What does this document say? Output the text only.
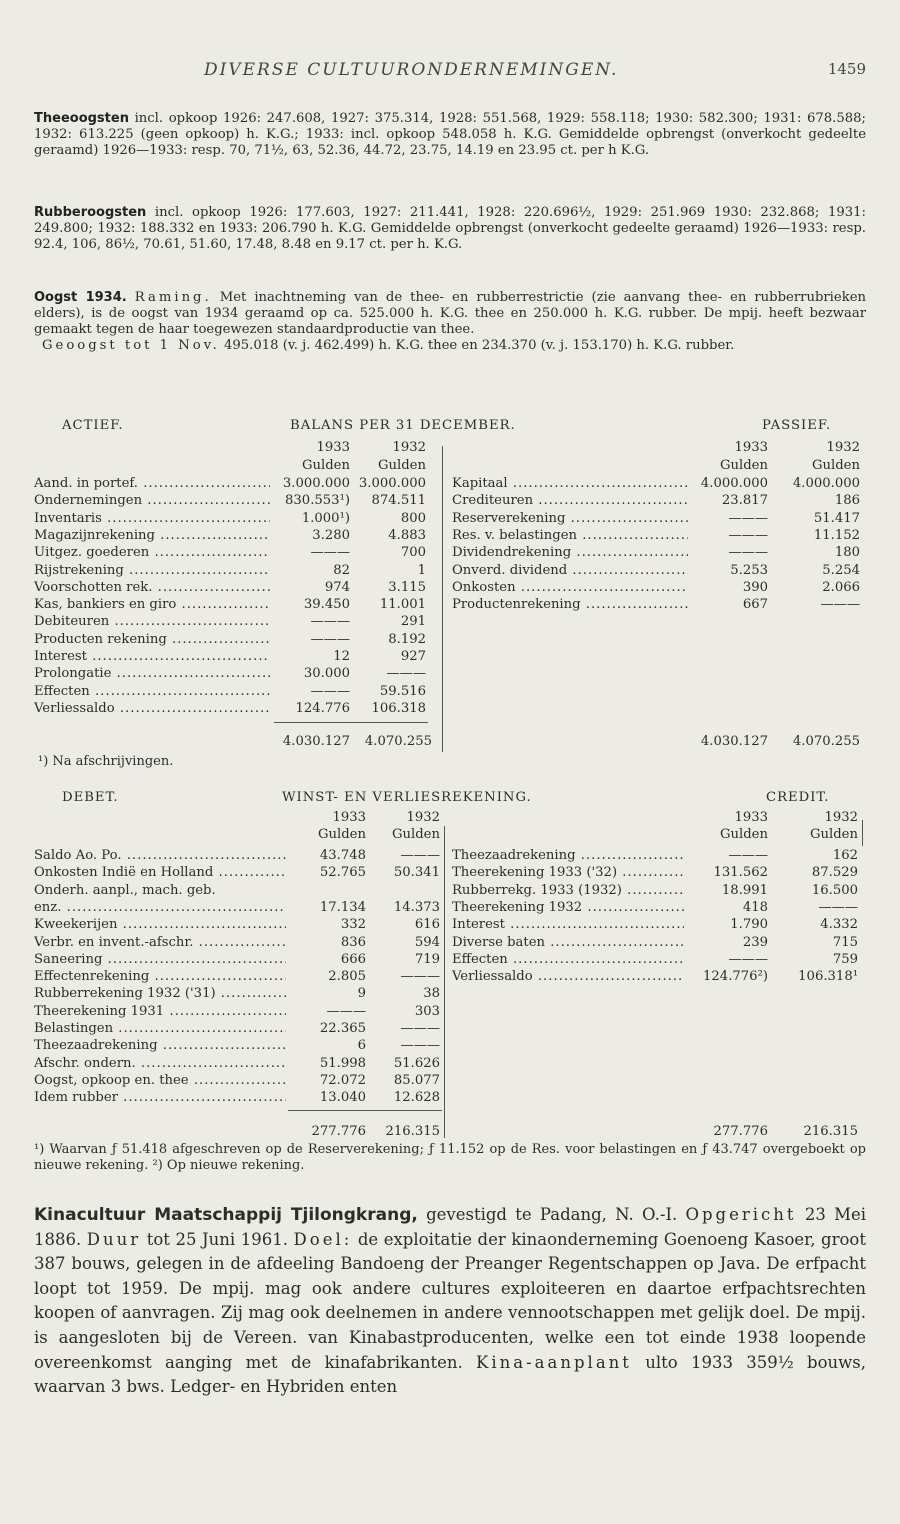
DIVERSE CULTUURONDERNEMINGEN.	1459

Theeoogsten incl. opkoop 1926: 247.608, 1927: 375.314, 1928: 551.568, 1929: 558.118; 1930: 582.300; 1931: 678.588; 1932: 613.225 (geen opkoop) h. K.G.; 1933: incl. opkoop 548.058 h. K.G. Gemiddelde opbrengst (onverkocht gedeelte geraamd) 1926—1933: resp. 70, 71½, 63, 52.36, 44.72, 23.75, 14.19 en 23.95 ct. per h K.G.

Rubberoogsten incl. opkoop 1926: 177.603, 1927: 211.441, 1928: 220.696½, 1929: 251.969 1930: 232.868; 1931: 249.800; 1932: 188.332 en 1933: 206.790 h. K.G. Gemiddelde opbrengst (onverkocht gedeelte geraamd) 1926—1933: resp. 92.4, 106, 86½, 70.61, 51.60, 17.48, 8.48 en 9.17 ct. per h. K.G.

Oogst 1934. Raming. Met inachtneming van de thee- en rubberrestrictie (zie aanvang thee- en rubberrubrieken elders), is de oogst van 1934 geraamd op ca. 525.000 h. K.G. thee en 250.000 h. K.G. rubber. De mpij. heeft bezwaar gemaakt tegen de haar toegewezen standaardproductie van thee.

Geoogst tot 1 Nov. 495.018 (v. j. 462.499) h. K.G. thee en 234.370 (v. j. 153.170) h. K.G. rubber.

ACTIEF.	BALANS PER 31 DECEMBER.	PASSIEF.
1933	1932	1933	1932
Gulden	Gulden	Gulden	Gulden
Aand. in portef. .....	3.000.000 3.000.000
Ondernemingen .....	830.553¹)	874.511
Inventaris .....	1.000¹)	800
Magazijnrekening .....	3.280	4.883
Uitgez. goederen .....	———	700
Rijstrekening .....	82	1
Voorschotten rek. .....	974	3.115
Kas, bankiers en giro .....	39.450	11.001
Debiteuren .....	———	291
Producten rekening .....	———	8.192
Interest .....	12	927
Prolongatie .....	30.000	———
Effecten .....	———	59.516
Verliessaldo .....	124.776	106.318
Kapitaal .....	4.000.000	4.000.000
Crediteuren .....	23.817	186
Reserverekening .....	———	51.417
Res. v. belastingen .....	———	11.152
Dividendrekening .....	———	180
Onverd. dividend .....	5.253	5.254
Onkosten .....	390	2.066
Productenrekening .....	667	———
4.030.127	4.070.255	4.030.127	4.070.255
¹) Na afschrijvingen.
DEBET.	WINST- EN VERLIESREKENING.	CREDIT.
1933	1932	1933	1932
Gulden	Gulden	Gulden	Gulden
Saldo Ao. Po. .....	43.748	———
Onkosten Indië en Holland .....	52.765	50.341
Onderh. aanpl., mach. geb.
enz. .....	17.134	14.373
Kweekerijen .....	332	616
Verbr. en invent.-afschr. .....	836	594
Saneering .....	666	719
Effectenrekening .....	2.805	———
Rubberrekening 1932 ('31) .....	9	38
Theerekening 1931 .....	———	303
Belastingen .....	22.365	———
Theezaadrekening .....	6	———
Afschr. ondern. .....	51.998	51.626
Oogst, opkoop en. thee .....	72.072	85.077
Idem rubber .....	13.040	12.628
Theezaadrekening .....	———	162
Theerekening 1933 ('32) .....	131.562	87.529
Rubberrekg. 1933 (1932) .....	18.991	16.500
Theerekening 1932 .....	418	———
Interest .....	1.790	4.332
Diverse baten .....	239	715
Effecten .....	———	759
Verliessaldo .....	124.776²)	106.318¹
277.776	216.315	277.776	216.315

¹) Waarvan ƒ 51.418 afgeschreven op de Reserverekening; ƒ 11.152 op de Res. voor belastingen en ƒ 43.747 overgeboekt op nieuwe rekening. ²) Op nieuwe rekening.

Kinacultuur Maatschappij Tjilongkrang, gevestigd te Padang, N. O.-I. Opgericht 23 Mei 1886. Duur tot 25 Juni 1961. Doel: de exploitatie der kinaonderneming Goenoeng Kasoer, groot 387 bouws, gelegen in de afdeeling Bandoeng der Preanger Regentschappen op Java. De erfpacht loopt tot 1959. De mpij. mag ook andere cultures exploiteeren en daartoe erfpachtsrechten koopen of aanvragen. Zij mag ook deelnemen in andere vennootschappen met gelijk doel. De mpij. is aangesloten bij de Vereen. van Kinabastproducenten, welke een tot einde 1938 loopende overeenkomst aanging met de kinafabrikanten. Kina-aanplant ulto 1933 359½ bouws, waarvan 3 bws. Ledger- en Hybriden enten
